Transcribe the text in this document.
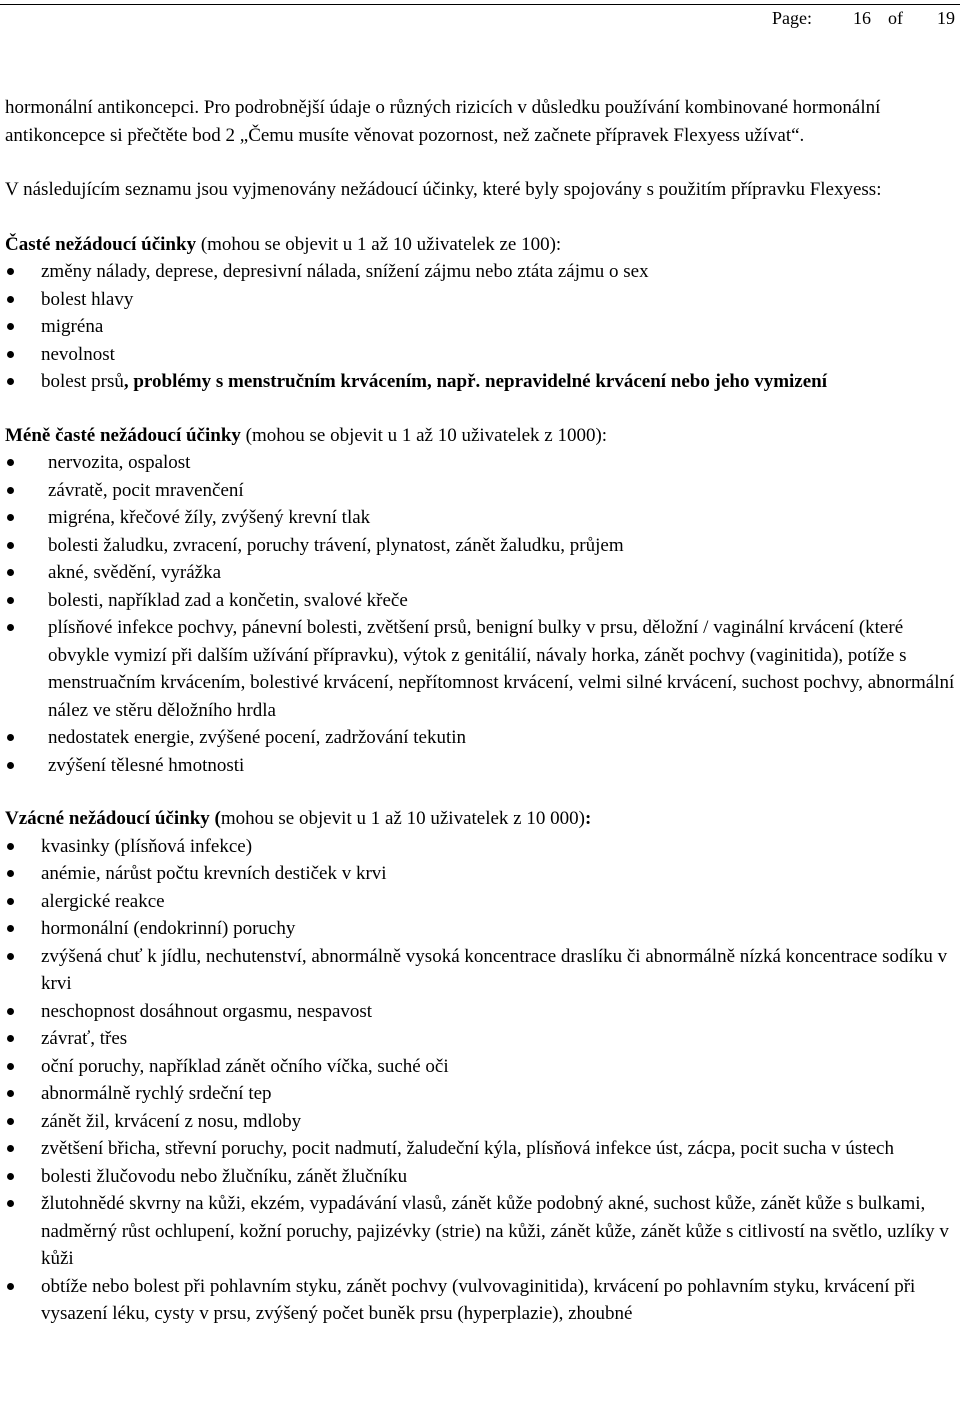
Page: 16 of 19

hormonální antikoncepci. Pro podrobnější údaje o různých rizicích v důsledku používání kombinované hormonální antikoncepce si přečtěte bod 2 „Čemu musíte věnovat pozornost, než začnete přípravek Flexyess užívat“.

V následujícím seznamu jsou vyjmenovány nežádoucí účinky, které byly spojovány s použitím přípravku Flexyess:

Časté nežádoucí účinky (mohou se objevit u 1 až 10 uživatelek ze 100):

změny nálady, deprese, depresivní nálada, snížení zájmu nebo ztáta zájmu o sex
bolest hlavy
migréna
nevolnost
bolest prsů, problémy s menstručním krvácením, např. nepravidelné krvácení nebo jeho vymizení

Méně časté nežádoucí účinky (mohou se objevit u 1 až 10 uživatelek z 1000):

nervozita, ospalost
závratě, pocit mravenčení
migréna, křečové žíly, zvýšený krevní tlak
bolesti žaludku, zvracení, poruchy trávení, plynatost, zánět žaludku, průjem
akné, svědění, vyrážka
bolesti, například zad a končetin, svalové křeče
plísňové infekce pochvy, pánevní bolesti, zvětšení prsů, benigní bulky v prsu, děložní / vaginální krvácení (které obvykle vymizí při dalším užívání přípravku), výtok z genitálií, návaly horka, zánět pochvy (vaginitida), potíže s menstruačním krvácením, bolestivé krvácení, nepřítomnost krvácení, velmi silné krvácení, suchost pochvy, abnormální nález ve stěru děložního hrdla
nedostatek energie, zvýšené pocení, zadržování tekutin
zvýšení tělesné hmotnosti

Vzácné nežádoucí účinky (mohou se objevit u 1 až 10 uživatelek z 10 000):

kvasinky (plísňová infekce)
anémie, nárůst počtu krevních destiček v krvi
alergické reakce
hormonální (endokrinní) poruchy
zvýšená chuť k jídlu, nechutenství, abnormálně vysoká koncentrace draslíku či abnormálně nízká koncentrace sodíku v krvi
neschopnost dosáhnout orgasmu, nespavost
závrať, třes
oční poruchy, například zánět očního víčka, suché oči
abnormálně rychlý srdeční tep
zánět žil, krvácení z nosu, mdloby
zvětšení břicha, střevní poruchy, pocit nadmutí, žaludeční kýla, plísňová infekce úst, zácpa, pocit sucha v ústech
bolesti žlučovodu nebo žlučníku, zánět žlučníku
žlutohnědé skvrny na kůži, ekzém, vypadávání vlasů, zánět kůže podobný akné, suchost kůže, zánět kůže s bulkami, nadměrný růst ochlupení, kožní poruchy, pajizévky (strie) na kůži, zánět kůže, zánět kůže s citlivostí na světlo, uzlíky v kůži
obtíže nebo bolest při pohlavním styku, zánět pochvy (vulvovaginitida), krvácení po pohlavním styku, krvácení při vysazení léku, cysty v prsu, zvýšený počet buněk prsu (hyperplazie), zhoubné
